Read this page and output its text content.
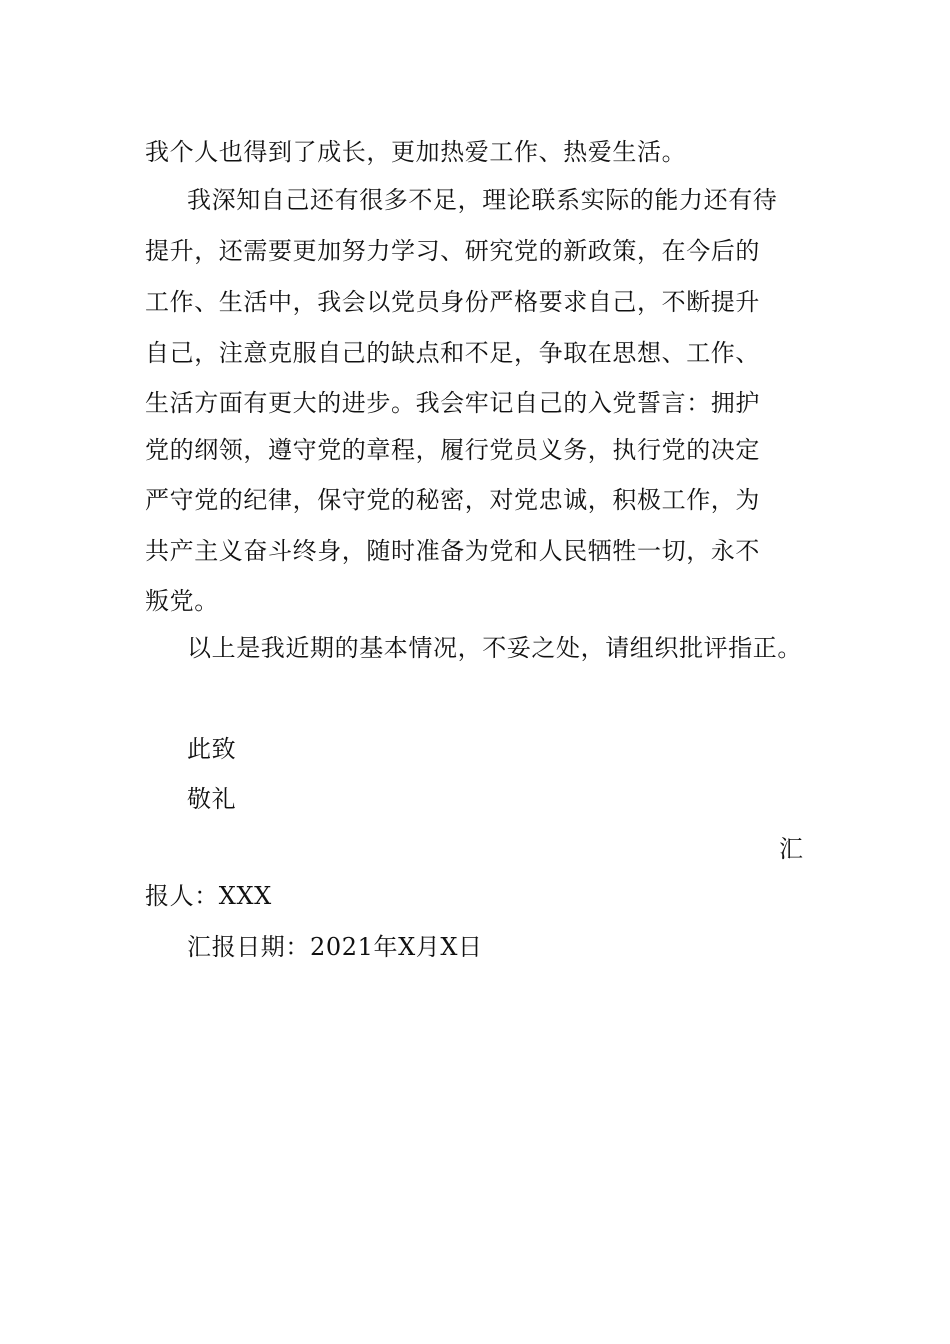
我个人也得到了成长，更加热爱工作、热爱生活。
我深知自己还有很多不足，理论联系实际的能力还有待
提升，还需要更加努力学习、研究党的新政策，在今后的
工作、生活中，我会以党员身份严格要求自己，不断提升
自己，注意克服自己的缺点和不足，争取在思想、工作、
生活方面有更大的进步。我会牢记自己的入党誓言：拥护
党的纲领，遵守党的章程，履行党员义务，执行党的决定
严守党的纪律，保守党的秘密，对党忠诚，积极工作，为
共产主义奋斗终身，随时准备为党和人民牺牲一切，永不
叛党。
以上是我近期的基本情况，不妥之处，请组织批评指正。
此致
敬礼
汇
报人：XXX
汇报日期：2021年X月X日
